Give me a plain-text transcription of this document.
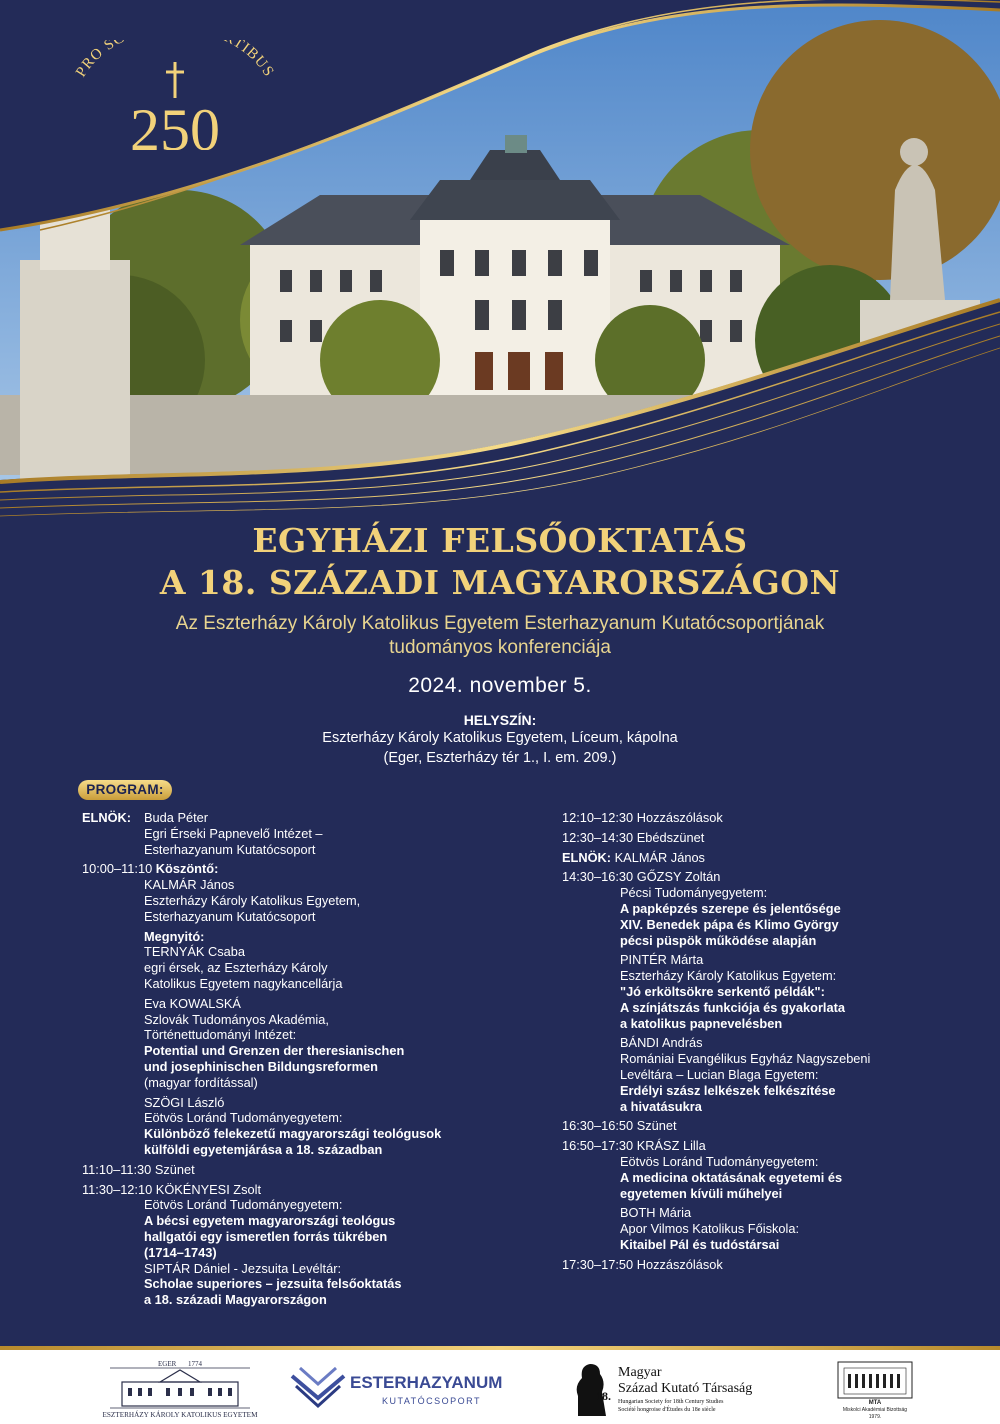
PRO S TIBUS
250
EGYHÁZI FELSŐOKTATÁS
A 18. SZÁZADI MAGYARORSZÁGON
Az Eszterházy Károly Katolikus Egyetem Esterhazyanum Kutatócsoportjának
tudományos konferenciája
2024. november 5.
HELYSZÍN:
Eszterházy Károly Katolikus Egyetem, Líceum, kápolna
(Eger, Eszterházy tér 1., I. em. 209.)
PROGRAM:
ELNÖK:	Buda Péter
Egri Érseki Papnevelő Intézet –
Esterhazyanum Kutatócsoport
10:00–11:10
Köszöntő:
KALMÁR János
Eszterházy Károly Katolikus Egyetem,
Esterhazyanum Kutatócsoport
Megnyitó:
TERNYÁK Csaba
egri érsek, az Eszterházy Károly
Katolikus Egyetem nagykancellárja
Eva KOWALSKÁ
Szlovák Tudományos Akadémia,
Történettudományi Intézet:
Potential und Grenzen der theresianischen
und josephinischen Bildungsreformen
(magyar fordítással)
SZÖGI László
Eötvös Loránd Tudományegyetem:
Különböző felekezetű magyarországi teológusok
külföldi egyetemjárása a 18. században
11:10–11:30 Szünet
11:30–12:10
KÖKÉNYESI Zsolt
Eötvös Loránd Tudományegyetem:
A bécsi egyetem magyarországi teológus
hallgatói egy ismeretlen forrás tükrében
(1714–1743)
SIPTÁR Dániel - Jezsuita Levéltár:
Scholae superiores – jezsuita felsőoktatás
a 18. századi Magyarországon
12:10–12:30 Hozzászólások
12:30–14:30 Ebédszünet
ELNÖK:
KALMÁR János
14:30–16:30
GŐZSY Zoltán
Pécsi Tudományegyetem:
A papképzés szerepe és jelentősége
XIV. Benedek pápa és Klimo György
pécsi püspök működése alapján
PINTÉR Márta
Eszterházy Károly Katolikus Egyetem:
"Jó erköltsökre serkentő példák":
A színjátszás funkciója és gyakorlata
a katolikus papnevelésben
BÁNDI András
Romániai Evangélikus Egyház Nagyszebeni
Levéltára – Lucian Blaga Egyetem:
Erdélyi szász lelkészek felkészítése
a hivatásukra
16:30–16:50 Szünet
16:50–17:30
KRÁSZ Lilla
Eötvös Loránd Tudományegyetem:
A medicina oktatásának egyetemi és
egyetemen kívüli műhelyei
BOTH Mária
Apor Vilmos Katolikus Főiskola:
Kitaibel Pál és tudóstársai
17:30–17:50 Hozzászólások
EGER 1774
ESZTERHÁZY KÁROLY KATOLIKUS EGYETEM
ESTERHAZYANUM
KUTATÓCSOPORT	18.
Magyar
Század Kutató Társaság
Hungarian Society for 18th Century Studies
Société hongroise d'Études du 18e siècle
MTA
Miskolci Akadémiai Bizottság
1979.
